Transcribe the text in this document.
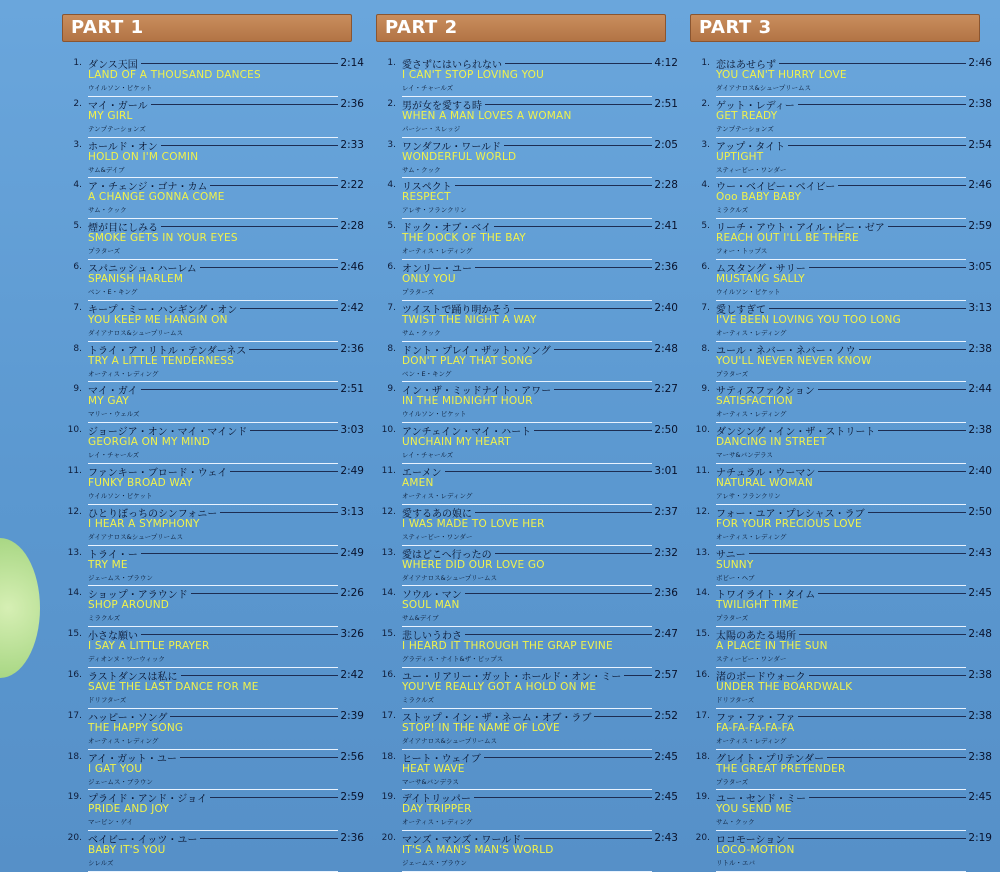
PART 1
1. ダンス天国	2:14
LAND OF A THOUSAND DANCES
ウイルソン・ピケット
2. マイ・ガール	2:36
MY GIRL
テンプテーションズ
3. ホールド・オン	2:33
HOLD ON I'M COMIN
サム&デイブ
4. ア・チェンジ・ゴナ・カム	2:22
A CHANGE GONNA COME
サム・クック
5. 煙が目にしみる	2:28
SMOKE GETS IN YOUR EYES
プラターズ
6. スパニッシュ・ハーレム	2:46
SPANISH HARLEM
ベン・E・キング
7. キープ・ミー・ハンギング・オン	2:42
YOU KEEP ME HANGIN ON
ダイアナロス&シュープリームス
8. トライ・ア・リトル・テンダーネス	2:36
TRY A LITTLE TENDERNESS
オーティス・レディング
9. マイ・ガイ	2:51
MY GAY
マリー・ウェルズ
10. ジョージア・オン・マイ・マインド	3:03
GEORGIA ON MY MIND
レイ・チャールズ
11. ファンキー・ブロード・ウェイ	2:49
FUNKY BROAD WAY
ウイルソン・ピケット
12. ひとりぼっちのシンフォニー	3:13
I HEAR A SYMPHONY
ダイアナロス&シュープリームス
13. トライ・ー	2:49
TRY ME
ジェームス・ブラウン
14. ショップ・アラウンド	2:26
SHOP AROUND
ミラクルズ
15. 小さな願い	3:26
I SAY A LITTLE PRAYER
ディオンヌ・ワーウィック
16. ラストダンスは私に	2:42
SAVE THE LAST DANCE FOR ME
ドリフターズ
17. ハッピー・ソング	2:39
THE HAPPY SONG
オーティス・レディング
18. アイ・ガット・ユー	2:56
I GAT YOU
ジェームス・ブラウン
19. プライド・アンド・ジョイ	2:59
PRIDE AND JOY
マービン・ゲイ
20. ベイビー・イッツ・ユー	2:36
BABY IT'S YOU
シレルズ
PART 2
1. 愛さずにはいられない	4:12
I CAN'T STOP LOVING YOU
レイ・チャールズ
2. 男が女を愛する時	2:51
WHEN A MAN LOVES A WOMAN
パーシー・スレッジ
3. ワンダフル・ワールド	2:05
WONDERFUL WORLD
サム・クック
4. リスペクト	2:28
RESPECT
アレサ・フランクリン
5. ドック・オブ・ベイ	2:41
THE DOCK OF THE BAY
オーティス・レディング
6. オンリー・ユー	2:36
ONLY YOU
プラターズ
7. ツイストで踊り明かそう	2:40
TWIST THE NIGHT A WAY
サム・クック
8. ドント・プレイ・ザット・ソング	2:48
DON'T PLAY THAT SONG
ベン・E・キング
9. イン・ザ・ミッドナイト・アワー	2:27
IN THE MIDNIGHT HOUR
ウイルソン・ピケット
10. アンチェイン・マイ・ハート	2:50
UNCHAIN MY HEART
レイ・チャールズ
11. エーメン	3:01
AMEN
オーティス・レディング
12. 愛するあの娘に	2:37
I WAS MADE TO LOVE HER
スティービー・ワンダー
13. 愛はどこへ行ったの	2:32
WHERE DID OUR LOVE GO
ダイアナロス&シュープリームス
14. ソウル・マン	2:36
SOUL MAN
サム&デイブ
15. 悲しいうわさ	2:47
I HEARD IT THROUGH THE GRAP EVINE
グラディス・ナイト&ザ・ピップス
16. ユー・リアリー・ガット・ホールド・オン・ミー	2:57
YOU'VE REALLY GOT A HOLD ON ME
ミラクルズ
17. ストップ・イン・ザ・ネーム・オブ・ラブ	2:52
STOP! IN THE NAME OF LOVE
ダイアナロス&シュープリームス
18. ヒート・ウェイブ	2:45
HEAT WAVE
マーサ&バンデラス
19. デイトリッパー	2:45
DAY TRIPPER
オーティス・レディング
20. マンズ・マンズ・ワールド	2:43
IT'S A MAN'S MAN'S WORLD
ジェームス・ブラウン
PART 3
1. 恋はあせらず	2:46
YOU CAN'T HURRY LOVE
ダイアナロス&シュープリームス
2. ゲット・レディー	2:38
GET READY
テンプテーションズ
3. アップ・タイト	2:54
UPTIGHT
スティービー・ワンダー
4. ウー・ベイビー・ベイビー	2:46
Ooo BABY BABY
ミラクルズ
5. リーチ・アウト・アイル・ビー・ゼア	2:59
REACH OUT I'LL BE THERE
フォー・トップス
6. ムスタング・サリー	3:05
MUSTANG SALLY
ウイルソン・ピケット
7. 愛しすぎて	3:13
I'VE BEEN LOVING YOU TOO LONG
オーティス・レディング
8. ユール・ネバー・ネバー・ノウ	2:38
YOU'LL NEVER NEVER KNOW
プラターズ
9. サティスファクション	2:44
SATISFACTION
オーティス・レディング
10. ダンシング・イン・ザ・ストリート	2:38
DANCING IN STREET
マーサ&バンデラス
11. ナチュラル・ウーマン	2:40
NATURAL WOMAN
アレサ・フランクリン
12. フォー・ユア・プレシャス・ラブ	2:50
FOR YOUR PRECIOUS LOVE
オーティス・レディング
13. サニー	2:43
SUNNY
ボビー・ヘブ
14. トワイライト・タイム	2:45
TWILIGHT TIME
プラターズ
15. 太陽のあたる場所	2:48
A PLACE IN THE SUN
スティービー・ワンダー
16. 渚のボードウォーク	2:38
UNDER THE BOARDWALK
ドリフターズ
17. ファ・ファ・ファ	2:38
FA-FA-FA-FA-FA
オーティス・レディング
18. グレイト・プリテンダー	2:38
THE GREAT PRETENDER
プラターズ
19. ユー・センド・ミー	2:45
YOU SEND ME
サム・クック
20. ロコモーション	2:19
LOCO-MOTION
リトル・エバ
